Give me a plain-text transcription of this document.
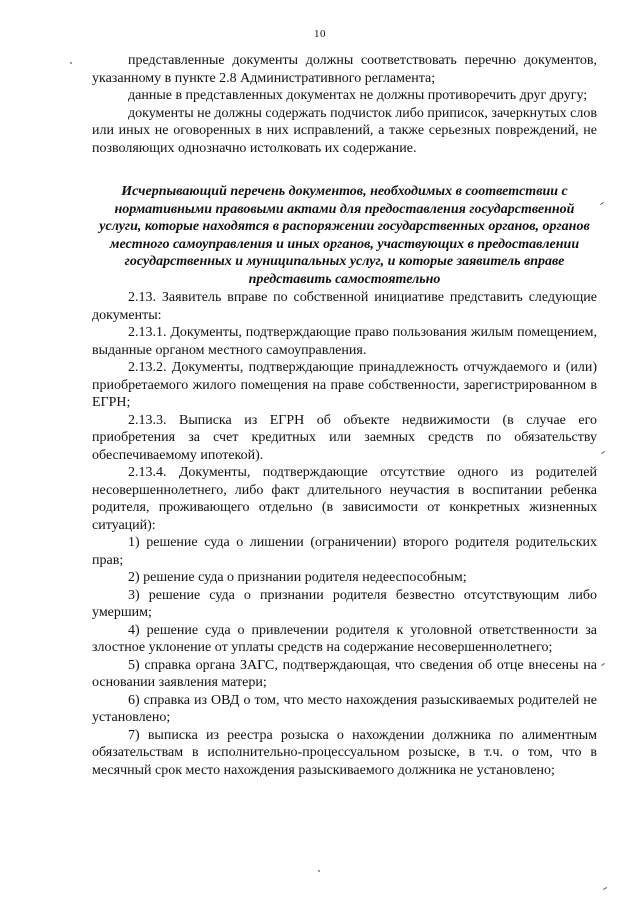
10

представленные документы должны соответствовать перечню документов, указанному в пункте 2.8 Административного регламента;

данные в представленных документах не должны противоречить друг другу;

документы не должны содержать подчисток либо приписок, зачеркнутых слов или иных не оговоренных в них исправлений, а также серьезных повреждений, не позволяющих однозначно истолковать их содержание.

Исчерпывающий перечень документов, необходимых в соответствии с нормативными правовыми актами для предоставления государственной услуги, которые находятся в распоряжении государственных органов, органов местного самоуправления и иных органов, участвующих в предоставлении государственных и муниципальных услуг, и которые заявитель вправе представить самостоятельно

2.13. Заявитель вправе по собственной инициативе представить следующие документы:

2.13.1. Документы, подтверждающие право пользования жилым помещением, выданные органом местного самоуправления.

2.13.2. Документы, подтверждающие принадлежность отчуждаемого и (или) приобретаемого жилого помещения на праве собственности, зарегистрированном в ЕГРН;

2.13.3. Выписка из ЕГРН об объекте недвижимости (в случае его приобретения за счет кредитных или заемных средств по обязательству обеспечиваемому ипотекой).

2.13.4. Документы, подтверждающие отсутствие одного из родителей несовершеннолетнего, либо факт длительного неучастия в воспитании ребенка родителя, проживающего отдельно (в зависимости от конкретных жизненных ситуаций):

1) решение суда о лишении (ограничении) второго родителя родительских прав;

2) решение суда о признании родителя недееспособным;

3) решение суда о признании родителя безвестно отсутствующим либо умершим;

4) решение суда о привлечении родителя к уголовной ответственности за злостное уклонение от уплаты средств на содержание несовершеннолетнего;

5) справка органа ЗАГС, подтверждающая, что сведения об отце внесены на основании заявления матери;

6) справка из ОВД о том, что место нахождения разыскиваемых родителей не установлено;

7) выписка из реестра розыска о нахождении должника по алиментным обязательствам в исполнительно-процессуальном розыске, в т.ч. о том, что в месячный срок место нахождения разыскиваемого должника не установлено;
